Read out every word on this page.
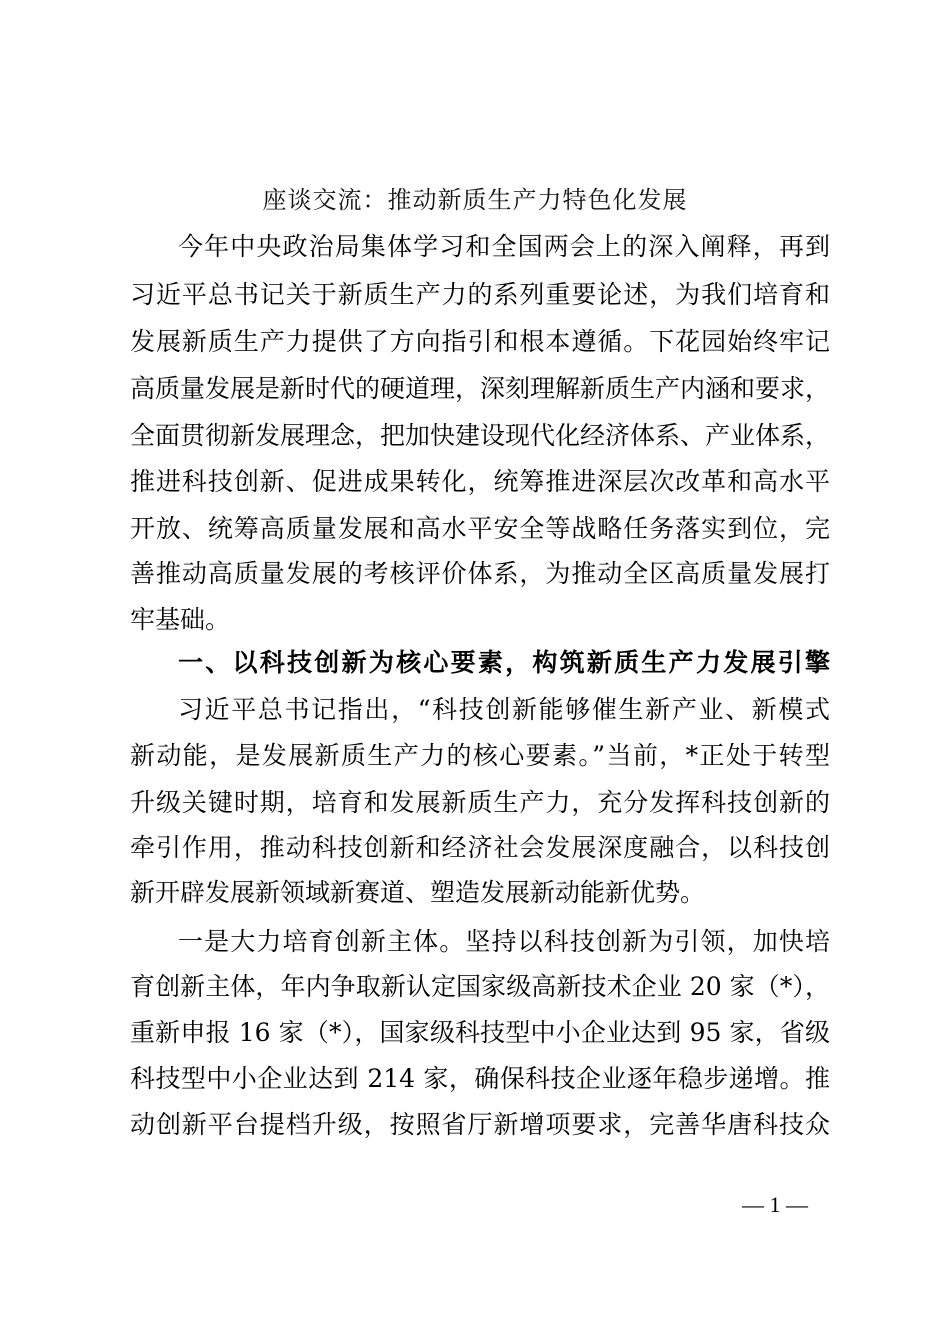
座谈交流：推动新质生产力特色化发展
今年中央政治局集体学习和全国两会上的深入阐释，再到
习近平总书记关于新质生产力的系列重要论述，为我们培育和
发展新质生产力提供了方向指引和根本遵循。下花园始终牢记
高质量发展是新时代的硬道理，深刻理解新质生产内涵和要求，
全面贯彻新发展理念，把加快建设现代化经济体系、产业体系，
推进科技创新、促进成果转化，统筹推进深层次改革和高水平
开放、统筹高质量发展和高水平安全等战略任务落实到位，完
善推动高质量发展的考核评价体系，为推动全区高质量发展打
牢基础。
一、以科技创新为核心要素，构筑新质生产力发展引擎
习近平总书记指出，“科技创新能够催生新产业、新模式
新动能，是发展新质生产力的核心要素。”当前，*正处于转型
升级关键时期，培育和发展新质生产力，充分发挥科技创新的
牵引作用，推动科技创新和经济社会发展深度融合，以科技创
新开辟发展新领域新赛道、塑造发展新动能新优势。
一是大力培育创新主体。坚持以科技创新为引领，加快培
育创新主体，年内争取新认定国家级高新技术企业 20 家（*），
重新申报 16 家（*），国家级科技型中小企业达到 95 家，省级
科技型中小企业达到 214 家，确保科技企业逐年稳步递增。推
动创新平台提档升级，按照省厅新增项要求，完善华唐科技众
— 1 —
